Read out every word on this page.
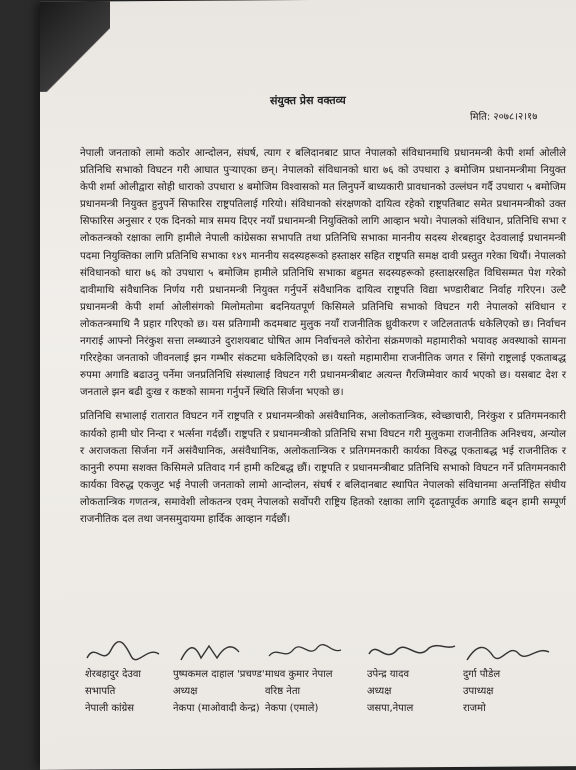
संयुक्त प्रेस वक्तव्य
मिति: २०७८।२।१७

नेपाली जनताको लामो कठोर आन्दोलन, संघर्ष, त्याग र बलिदानबाट प्राप्त नेपालको संविधानमाथि प्रधानमन्त्री केपी शर्मा ओलीले प्रतिनिधि सभाको विघटन गरी आघात पुर्‍याएका छन्। नेपालको संविधानको धारा ७६ को उपधारा ३ बमोजिम प्रधानमन्त्रीमा नियुक्त केपी शर्मा ओलीद्वारा सोही धाराको उपधारा ४ बमोजिम विश्वासको मत लिनुपर्ने बाध्यकारी प्रावधानको उल्लंघन गर्दै उपधारा ५ बमोजिम प्रधानमन्त्री नियुक्त हुनुपर्ने सिफारिस राष्ट्रपतिलाई गरियो। संविधानको संरक्षणको दायित्व रहेको राष्ट्रपतिबाट समेत प्रधानमन्त्रीको उक्त सिफारिस अनुसार र एक दिनको मात्र समय दिएर नयाँ प्रधानमन्त्री नियुक्तिको लागि आव्हान भयो। नेपालको संविधान, प्रतिनिधि सभा र लोकतन्त्रको रक्षाका लागि हामीले नेपाली कांग्रेसका सभापति तथा प्रतिनिधि सभाका माननीय सदस्य शेरबहादुर देउवालाई प्रधानमन्त्री पदमा नियुक्तिका लागि प्रतिनिधि सभाका १४९ माननीय सदस्यहरूको हस्ताक्षर सहित राष्ट्रपति समक्ष दावी प्रस्तुत गरेका थियौं। नेपालको संविधानको धारा ७६ को उपधारा ५ बमोजिम हामीले प्रतिनिधि सभाका बहुमत सदस्यहरूको हस्ताक्षरसहित विधिसम्मत पेश गरेको दावीमाथि संवैधानिक निर्णय गरी प्रधानमन्त्री नियुक्त गर्नुपर्ने संवैधानिक दायित्व राष्ट्रपति विद्या भण्डारीबाट निर्वाह गरिएन। उल्टै प्रधानमन्त्री केपी शर्मा ओलीसंगको मिलोमतोमा बदनियतपूर्ण किसिमले प्रतिनिधि सभाको विघटन गरी नेपालको संविधान र लोकतन्त्रमाथि नै प्रहार गरिएको छ। यस प्रतिगामी कदमबाट मुलुक नयाँ राजनीतिक ध्रुवीकरण र जटिलतातर्फ धकेलिएको छ। निर्वाचन नगराई आफ्नो निरंकुश सत्ता लम्ब्याउने दुराशयबाट घोषित आम निर्वाचनले कोरोना संक्रमणको महामारीको भयावह अवस्थाको सामना गरिरहेका जनताको जीवनलाई झन गम्भीर संकटमा धकेलिदिएको छ। यस्तो महामारीमा राजनीतिक जगत र सिंगो राष्ट्रलाई एकताबद्ध रुपमा अगाडि बढाउनु पर्नेमा जनप्रतिनिधि संस्थालाई विघटन गरी प्रधानमन्त्रीबाट अत्यन्त गैरजिम्मेवार कार्य भएको छ। यसबाट देश र जनताले झन बढी दुःख र कष्टको सामना गर्नुपर्ने स्थिति सिर्जना भएको छ।

प्रतिनिधि सभालाई रातारात विघटन गर्ने राष्ट्रपति र प्रधानमन्त्रीको असंवैधानिक, अलोकतान्त्रिक, स्वेच्छाचारी, निरंकुश र प्रतिगमनकारी कार्यको हामी घोर निन्दा र भर्त्सना गर्दछौं। राष्ट्रपति र प्रधानमन्त्रीको प्रतिनिधि सभा विघटन गरी मुलुकमा राजनीतिक अनिश्चय, अन्योल र अराजकता सिर्जना गर्ने असंवैधानिक, असंवैधानिक, अलोकतान्त्रिक र प्रतिगमनकारी कार्यका विरुद्ध एकताबद्ध भई राजनीतिक र कानुनी रुपमा सशक्त किसिमले प्रतिवाद गर्न हामी कटिबद्ध छौं। राष्ट्रपति र प्रधानमन्त्रीबाट प्रतिनिधि सभाको विघटन गर्ने प्रतिगमनकारी कार्यका विरुद्ध एकजुट भई नेपाली जनताको लामो आन्दोलन, संघर्ष र बलिदानबाट स्थापित नेपालको संविधानमा अन्तर्निहित संघीय लोकतान्त्रिक गणतन्त्र, समावेशी लोकतन्त्र एवम् नेपालको सर्वोपरी राष्ट्रिय हितको रक्षाका लागि दृढतापूर्वक अगाडि बढ्न हामी सम्पूर्ण राजनीतिक दल तथा जनसमुदायमा हार्दिक आव्हान गर्दछौं।

शेरबहादुर देउवा
सभापति
नेपाली कांग्रेस
पुष्पकमल दाहाल 'प्रचण्ड'
अध्यक्ष
नेकपा (माओवादी केन्द्र)
माधव कुमार नेपाल
वरिष्ठ नेता
नेकपा (एमाले)
उपेन्द्र यादव
अध्यक्ष
जसपा,नेपाल
दुर्गा पौडेल
उपाध्यक्ष
राजमो
